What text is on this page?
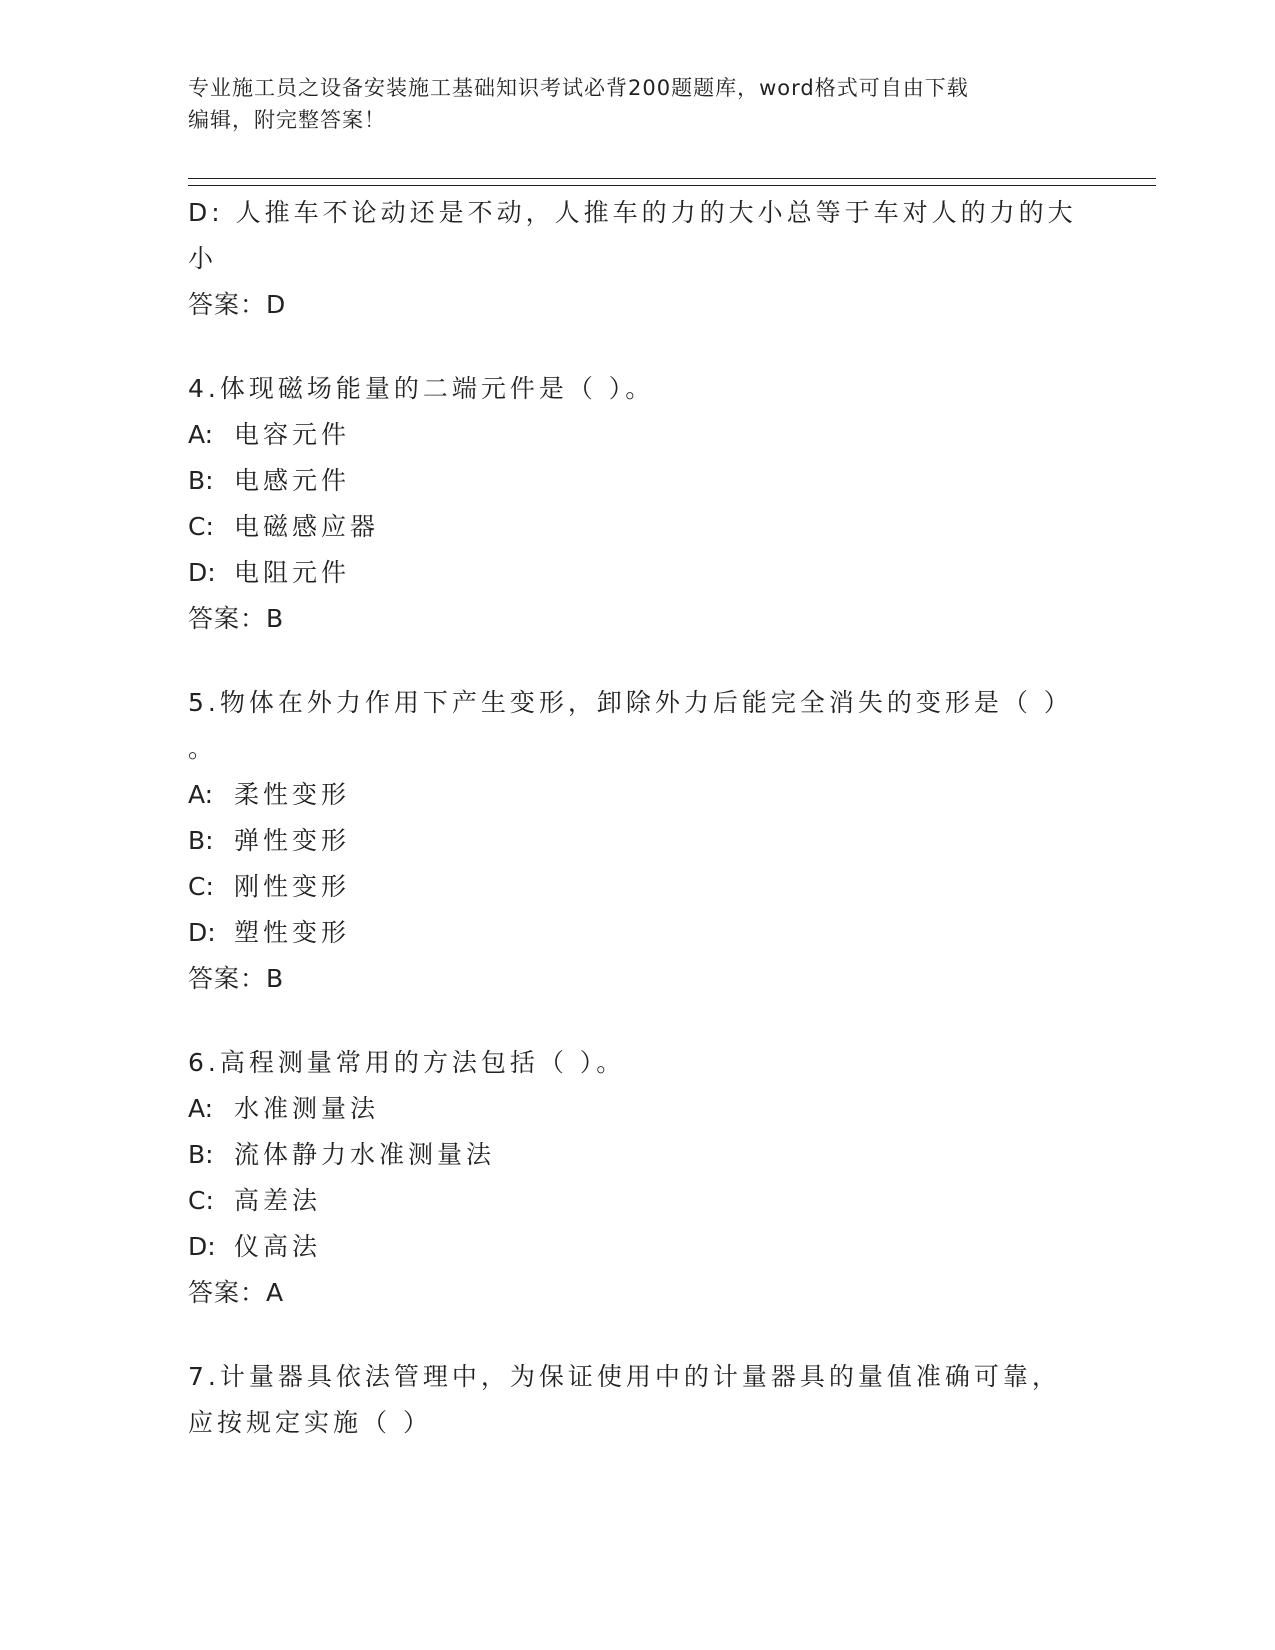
专业施工员之设备安装施工基础知识考试必背200题题库，word格式可自由下载
编辑，附完整答案！
D: 人推车不论动还是不动，人推车的力的大小总等于车对人的力的大
小
答案：D
4.体现磁场能量的二端元件是（ ）。
A: 电容元件
B: 电感元件
C: 电磁感应器
D: 电阻元件
答案：B
5.物体在外力作用下产生变形，卸除外力后能完全消失的变形是（ ）
。
A: 柔性变形
B: 弹性变形
C: 刚性变形
D: 塑性变形
答案：B
6.高程测量常用的方法包括（ ）。
A: 水准测量法
B: 流体静力水准测量法
C: 高差法
D: 仪高法
答案：A
7.计量器具依法管理中，为保证使用中的计量器具的量值准确可靠，
应按规定实施（ ）
